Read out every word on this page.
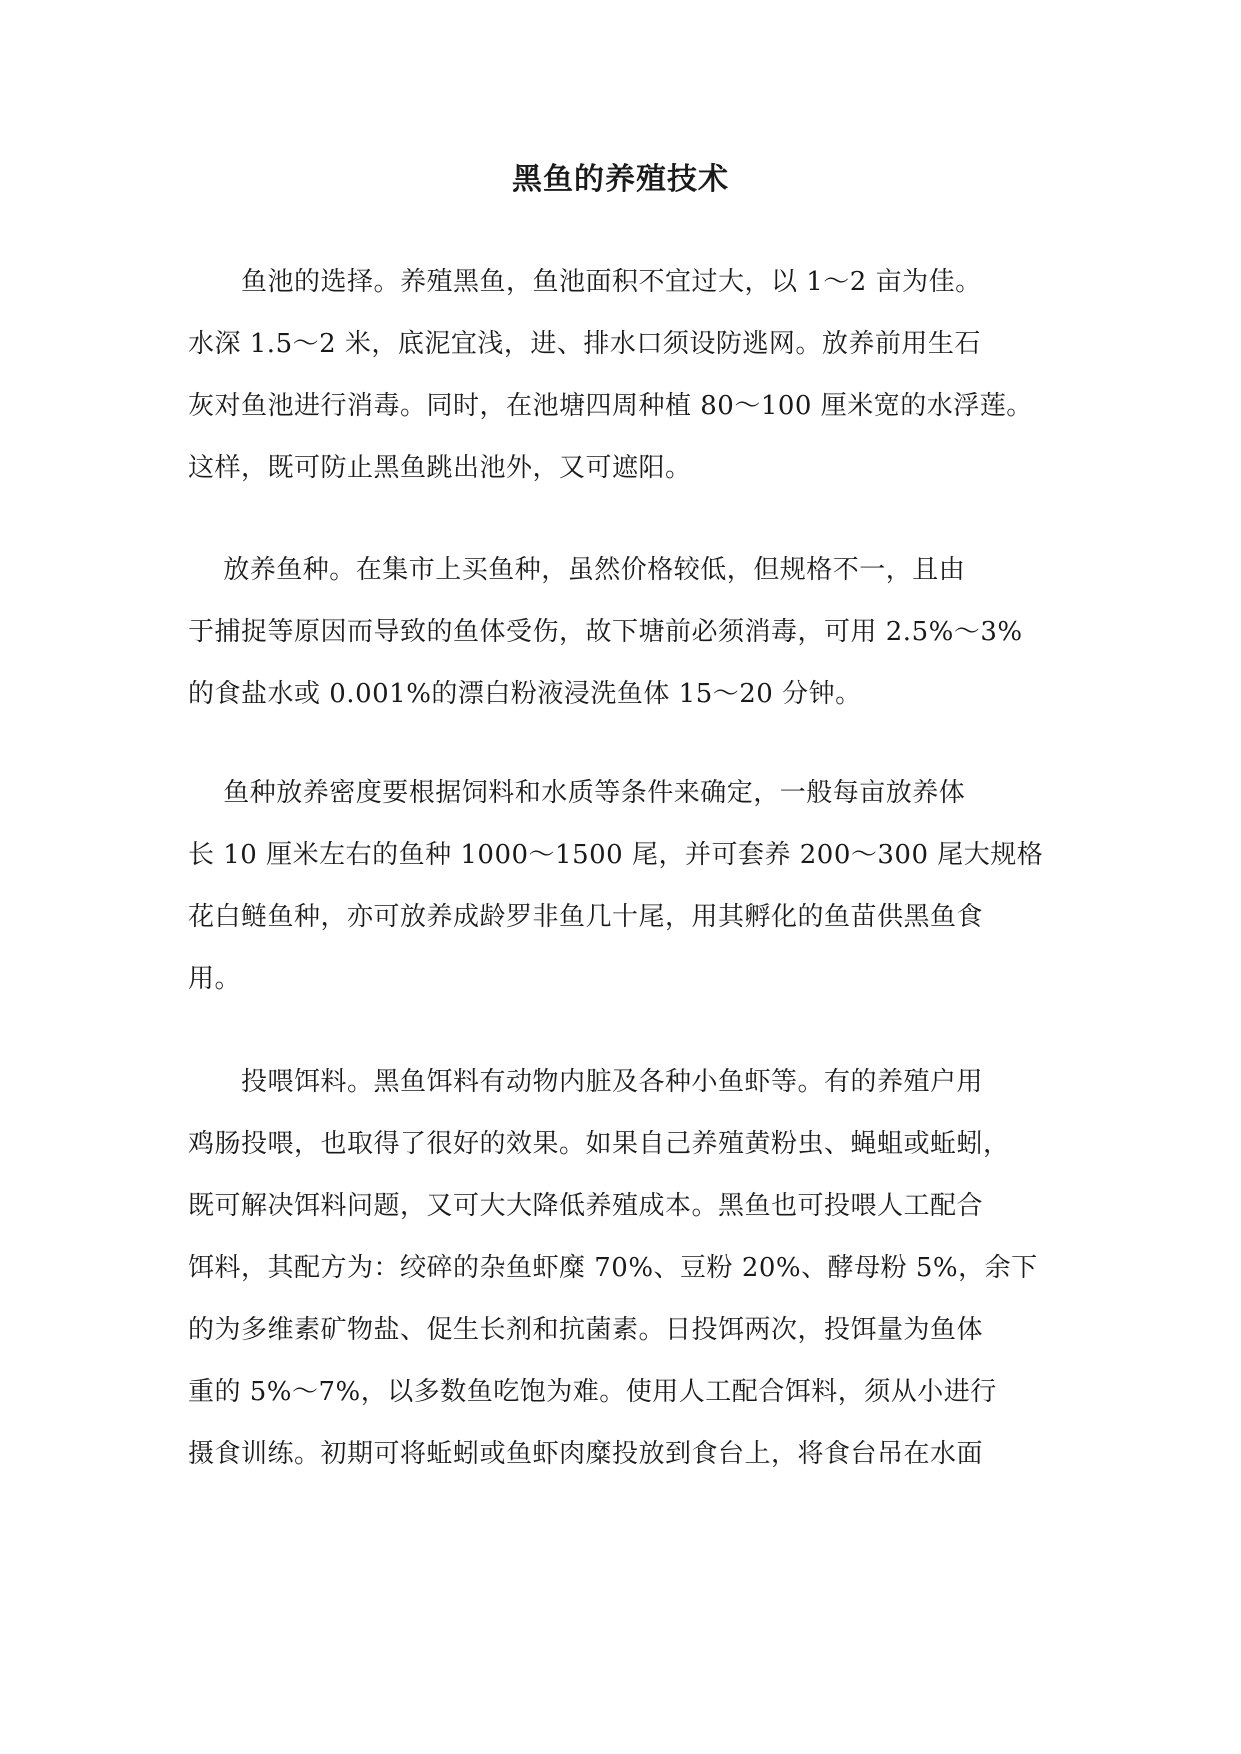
黑鱼的养殖技术

　　鱼池的选择。养殖黑鱼，鱼池面积不宜过大，以 1～2 亩为佳。
水深 1.5～2 米，底泥宜浅，进、排水口须设防逃网。放养前用生石
灰对鱼池进行消毒。同时，在池塘四周种植 80～100 厘米宽的水浮莲。
这样，既可防止黑鱼跳出池外，又可遮阳。

　 放养鱼种。在集市上买鱼种，虽然价格较低，但规格不一，且由
于捕捉等原因而导致的鱼体受伤，故下塘前必须消毒，可用 2.5%～3%
的食盐水或 0.001%的漂白粉液浸洗鱼体 15～20 分钟。

　 鱼种放养密度要根据饲料和水质等条件来确定，一般每亩放养体
长 10 厘米左右的鱼种 1000～1500 尾，并可套养 200～300 尾大规格
花白鲢鱼种，亦可放养成龄罗非鱼几十尾，用其孵化的鱼苗供黑鱼食
用。

　　投喂饵料。黑鱼饵料有动物内脏及各种小鱼虾等。有的养殖户用
鸡肠投喂，也取得了很好的效果。如果自己养殖黄粉虫、蝇蛆或蚯蚓，
既可解决饵料问题，又可大大降低养殖成本。黑鱼也可投喂人工配合
饵料，其配方为：绞碎的杂鱼虾糜 70%、豆粉 20%、酵母粉 5%，余下
的为多维素矿物盐、促生长剂和抗菌素。日投饵两次，投饵量为鱼体
重的 5%～7%，以多数鱼吃饱为难。使用人工配合饵料，须从小进行
摄食训练。初期可将蚯蚓或鱼虾肉糜投放到食台上，将食台吊在水面
